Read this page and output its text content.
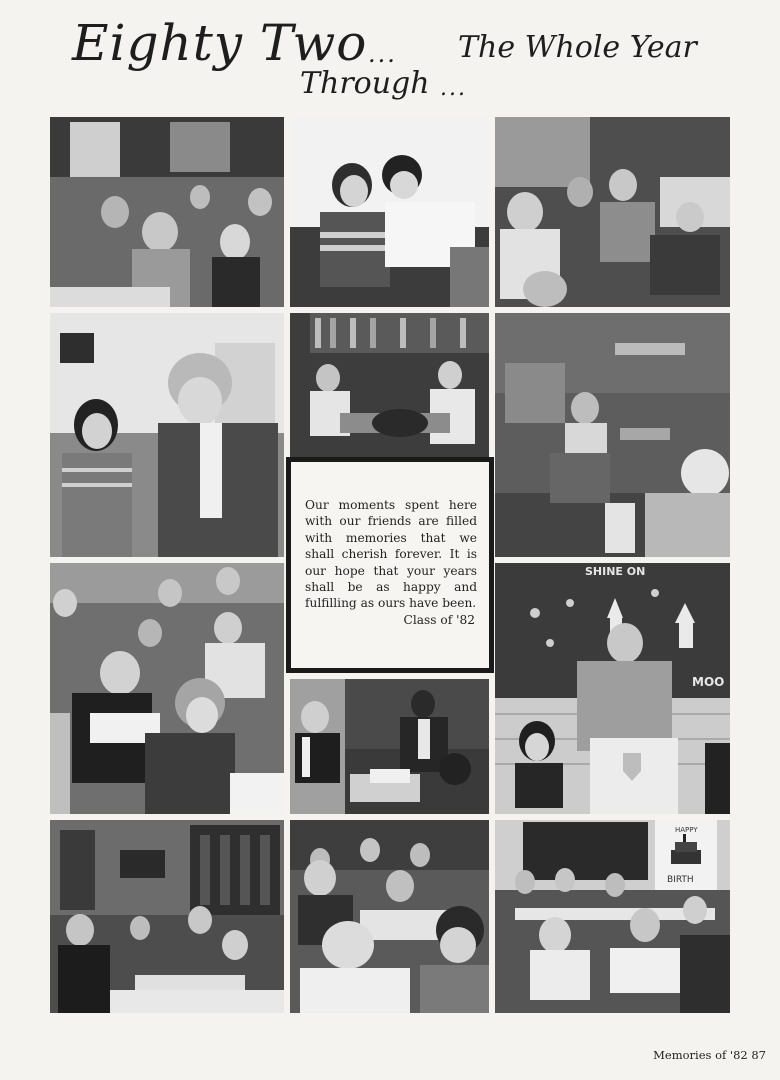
Eighty Two ... The Whole Year
Through ...

Our moments spent here with our friends are filled with memories that we shall cherish forever. It is our hope that your years shall be as happy and fulfilling as ours have been.

Class of '82

SHINE ON
MOO
HAPPY
BIRTH
Memories of '82 87
